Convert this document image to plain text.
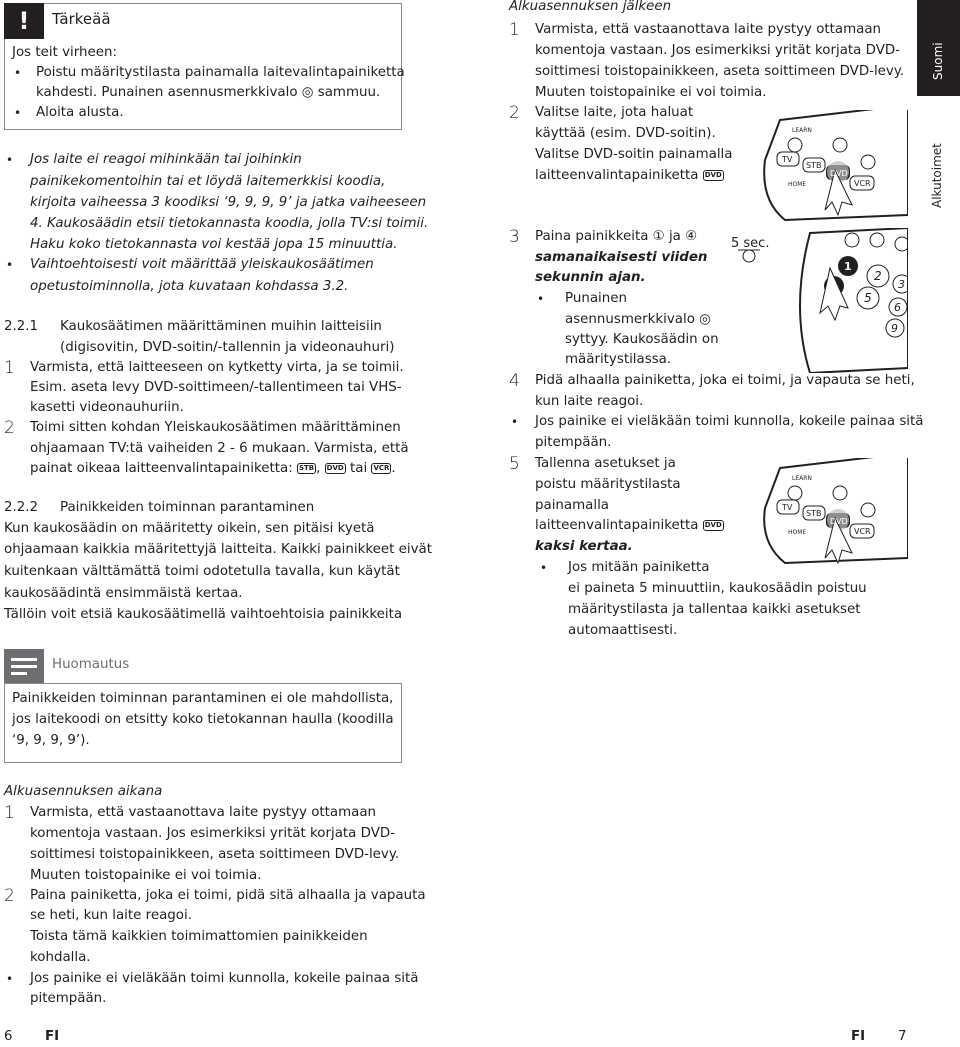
!	Tärkeää
Jos teit virheen:
• Poistu määritystilasta painamalla laitevalintapainiketta
kahdesti. Punainen asennusmerkkivalo ◎ sammuu.
• Aloita alusta.
• Jos laite ei reagoi mihinkään tai joihinkin
painikekomentoihin tai et löydä laitemerkkisi koodia,
kirjoita vaiheessa 3 koodiksi ‘9, 9, 9, 9’ ja jatka vaiheeseen
4. Kaukosäädin etsii tietokannasta koodia, jolla TV:si toimii.
Haku koko tietokannasta voi kestää jopa 15 minuuttia.
• Vaihtoehtoisesti voit määrittää yleiskaukosäätimen
opetustoiminnolla, jota kuvataan kohdassa 3.2.
2.2.1 Kaukosäätimen määrittäminen muihin laitteisiin
(digisovitin, DVD-soitin/-tallennin ja videonauhuri)
1 Varmista, että laitteeseen on kytketty virta, ja se toimii.
Esim. aseta levy DVD-soittimeen/-tallentimeen tai VHS-
kasetti videonauhuriin.
2 Toimi sitten kohdan Yleiskaukosäätimen määrittäminen
ohjaamaan TV:tä vaiheiden 2 - 6 mukaan. Varmista, että
painat oikeaa laitteenvalintapainiketta: STB , DVD tai VCR .
2.2.2 Painikkeiden toiminnan parantaminen
Kun kaukosäädin on määritetty oikein, sen pitäisi kyetä
ohjaamaan kaikkia määritettyjä laitteita. Kaikki painikkeet eivät
kuitenkaan välttämättä toimi odotetulla tavalla, kun käytät
kaukosäädintä ensimmäistä kertaa.
Tällöin voit etsiä kaukosäätimellä vaihtoehtoisia painikkeita
Huomautus
Painikkeiden toiminnan parantaminen ei ole mahdollista,
jos laitekoodi on etsitty koko tietokannan haulla (koodilla
‘9, 9, 9, 9’).
Alkuasennuksen aikana
1 Varmista, että vastaanottava laite pystyy ottamaan
komentoja vastaan. Jos esimerkiksi yrität korjata DVD-
soittimesi toistopainikkeen, aseta soittimeen DVD-levy.
Muuten toistopainike ei voi toimia.
2 Paina painiketta, joka ei toimi, pidä sitä alhaalla ja vapauta
se heti, kun laite reagoi.
Toista tämä kaikkien toimimattomien painikkeiden
kohdalla.
• Jos painike ei vieläkään toimi kunnolla, kokeile painaa sitä
pitempään.
Alkuasennuksen jälkeen
1 Varmista, että vastaanottava laite pystyy ottamaan
komentoja vastaan. Jos esimerkiksi yrität korjata DVD-
soittimesi toistopainikkeen, aseta soittimeen DVD-levy.
Muuten toistopainike ei voi toimia.
2 Valitse laite, jota haluat
käyttää (esim. DVD-soitin).
Valitse DVD-soitin painamalla
laitteenvalintapainiketta DVD
3 Paina painikkeita ① ja ④
samanaikaisesti viiden
sekunnin ajan.
• Punainen
asennusmerkkivalo ◎
syttyy. Kaukosäädin on
määritystilassa.
5 sec.
4 Pidä alhaalla painiketta, joka ei toimi, ja vapauta se heti,
kun laite reagoi.
• Jos painike ei vieläkään toimi kunnolla, kokeile painaa sitä
pitempään.
5 Tallenna asetukset ja
poistu määritystilasta
painamalla
laitteenvalintapainiketta DVD
kaksi kertaa.
• Jos mitään painiketta
ei paineta 5 minuuttiin, kaukosäädin poistuu
määritystilasta ja tallentaa kaikki asetukset
automaattisesti.
LEARN
TV
STB
DVD
VCR
HOME
1
2
3
4
5
6
9
LEARN
TV
STB
DVD
VCR
HOME
Suomi
Alkutoimet
6 FI	FI 7
